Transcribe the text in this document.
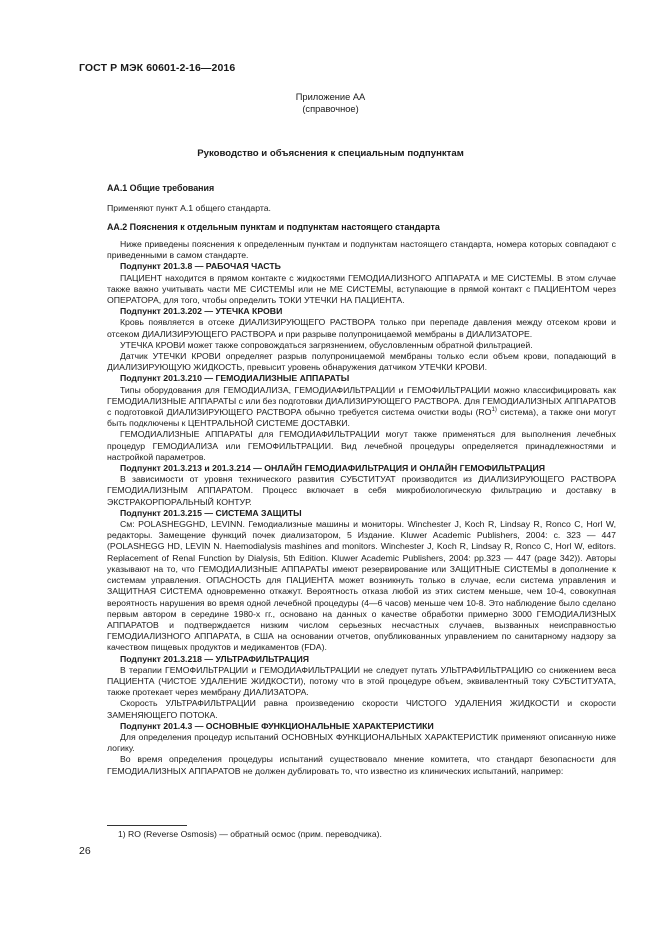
ГОСТ Р МЭК 60601-2-16—2016
Приложение АА
(справочное)
Руководство и объяснения к специальным подпунктам
АА.1 Общие требования
Применяют пункт А.1 общего стандарта.
АА.2 Пояснения к отдельным пунктам и подпунктам настоящего стандарта

Ниже приведены пояснения к определенным пунктам и подпунктам настоящего стандарта, номера которых совпадают с приведенными в самом стандарте.

Подпункт 201.3.8 — РАБОЧАЯ ЧАСТЬ

ПАЦИЕНТ находится в прямом контакте с жидкостями ГЕМОДИАЛИЗНОГО АППАРАТА и МЕ СИСТЕМЫ. В этом случае также важно учитывать части МЕ СИСТЕМЫ или не МЕ СИСТЕМЫ, вступающие в прямой контакт с ПАЦИЕНТОМ через ОПЕРАТОРА, для того, чтобы определить ТОКИ УТЕЧКИ НА ПАЦИЕНТА.

Подпункт 201.3.202 — УТЕЧКА КРОВИ

Кровь появляется в отсеке ДИАЛИЗИРУЮЩЕГО РАСТВОРА только при перепаде давления между отсеком крови и отсеком ДИАЛИЗИРУЮЩЕГО РАСТВОРА и при разрыве полупроницаемой мембраны в ДИАЛИЗАТОРЕ.

УТЕЧКА КРОВИ может также сопровождаться загрязнением, обусловленным обратной фильтрацией.

Датчик УТЕЧКИ КРОВИ определяет разрыв полупроницаемой мембраны только если объем крови, попадающий в ДИАЛИЗИРУЮЩУЮ ЖИДКОСТЬ, превысит уровень обнаружения датчиком УТЕЧКИ КРОВИ.

Подпункт 201.3.210 — ГЕМОДИАЛИЗНЫЕ АППАРАТЫ

Типы оборудования для ГЕМОДИАЛИЗА, ГЕМОДИАФИЛЬТРАЦИИ и ГЕМОФИЛЬТРАЦИИ можно классифицировать как ГЕМОДИАЛИЗНЫЕ АППАРАТЫ с или без подготовки ДИАЛИЗИРУЮЩЕГО РАСТВОРА. Для ГЕМОДИАЛИЗНЫХ АППАРАТОВ с подготовкой ДИАЛИЗИРУЮЩЕГО РАСТВОРА обычно требуется система очистки воды (RO$^{1)}$ система), а также они могут быть подключены к ЦЕНТРАЛЬНОЙ СИСТЕМЕ ДОСТАВКИ.

ГЕМОДИАЛИЗНЫЕ АППАРАТЫ для ГЕМОДИАФИЛЬТРАЦИИ могут также применяться для выполнения лечебных процедур ГЕМОДИАЛИЗА или ГЕМОФИЛЬТРАЦИИ. Вид лечебной процедуры определяется принадлежностями и настройкой параметров.

Подпункт 201.3.213 и 201.3.214 — ОНЛАЙН ГЕМОДИАФИЛЬТРАЦИЯ И ОНЛАЙН ГЕМОФИЛЬТРАЦИЯ

В зависимости от уровня технического развития СУБСТИТУАТ производится из ДИАЛИЗИРУЮЩЕГО РАСТВОРА ГЕМОДИАЛИЗНЫМ АППАРАТОМ. Процесс включает в себя микробиологическую фильтрацию и доставку в ЭКСТРАКОРПОРАЛЬНЫЙ КОНТУР.

Подпункт 201.3.215 — СИСТЕМА ЗАЩИТЫ

См: POLASHEGGHD, LEVINN. Гемодиализные машины и мониторы. Winchester J, Koch R, Lindsay R, Ronco C, Horl W, редакторы. Замещение функций почек диализатором, 5 Издание. Kluwer Academic Publishers, 2004: с. 323 — 447 (POLASHEGG HD, LEVIN N. Haemodialysis mashines and monitors. Winchester J, Koch R, Lindsay R, Ronco C, Horl W, editors. Replacement of Renal Function by Dialysis, 5th Edition. Kluwer Academic Publishers, 2004: pp.323 — 447 (page 342)). Авторы указывают на то, что ГЕМОДИАЛИЗНЫЕ АППАРАТЫ имеют резервирование или ЗАЩИТНЫЕ СИСТЕМЫ в дополнение к системам управления. ОПАСНОСТЬ для ПАЦИЕНТА может возникнуть только в случае, если система управления и ЗАЩИТНАЯ СИСТЕМА одновременно откажут. Вероятность отказа любой из этих систем меньше, чем 10-4, совокупная вероятность нарушения во время одной лечебной процедуры (4—6 часов) меньше чем 10-8. Это наблюдение было сделано первым автором в середине 1980-х гг., основано на данных о качестве обработки примерно 3000 ГЕМОДИАЛИЗНЫХ АППАРАТОВ и подтверждается низким числом серьезных несчастных случаев, вызванных неисправностью ГЕМОДИАЛИЗНОГО АППАРАТА, в США на основании отчетов, опубликованных управлением по санитарному надзору за качеством пищевых продуктов и медикаментов (FDA).

Подпункт 201.3.218 — УЛЬТРАФИЛЬТРАЦИЯ

В терапии ГЕМОФИЛЬТРАЦИИ и ГЕМОДИАФИЛЬТРАЦИИ не следует путать УЛЬТРАФИЛЬТРАЦИЮ со снижением веса ПАЦИЕНТА (ЧИСТОЕ УДАЛЕНИЕ ЖИДКОСТИ), потому что в этой процедуре объем, эквивалентный току СУБСТИТУАТА, также протекает через мембрану ДИАЛИЗАТОРА.

Скорость УЛЬТРАФИЛЬТРАЦИИ равна произведению скорости ЧИСТОГО УДАЛЕНИЯ ЖИДКОСТИ и скорости ЗАМЕНЯЮЩЕГО ПОТОКА.

Подпункт 201.4.3 — ОСНОВНЫЕ ФУНКЦИОНАЛЬНЫЕ ХАРАКТЕРИСТИКИ

Для определения процедур испытаний ОСНОВНЫХ ФУНКЦИОНАЛЬНЫХ ХАРАКТЕРИСТИК применяют описанную ниже логику.

Во время определения процедуры испытаний существовало мнение комитета, что стандарт безопасности для ГЕМОДИАЛИЗНЫХ АППАРАТОВ не должен дублировать то, что известно из клинических испытаний, например:

1) RO (Reverse Osmosis) — обратный осмос (прим. переводчика).
26
